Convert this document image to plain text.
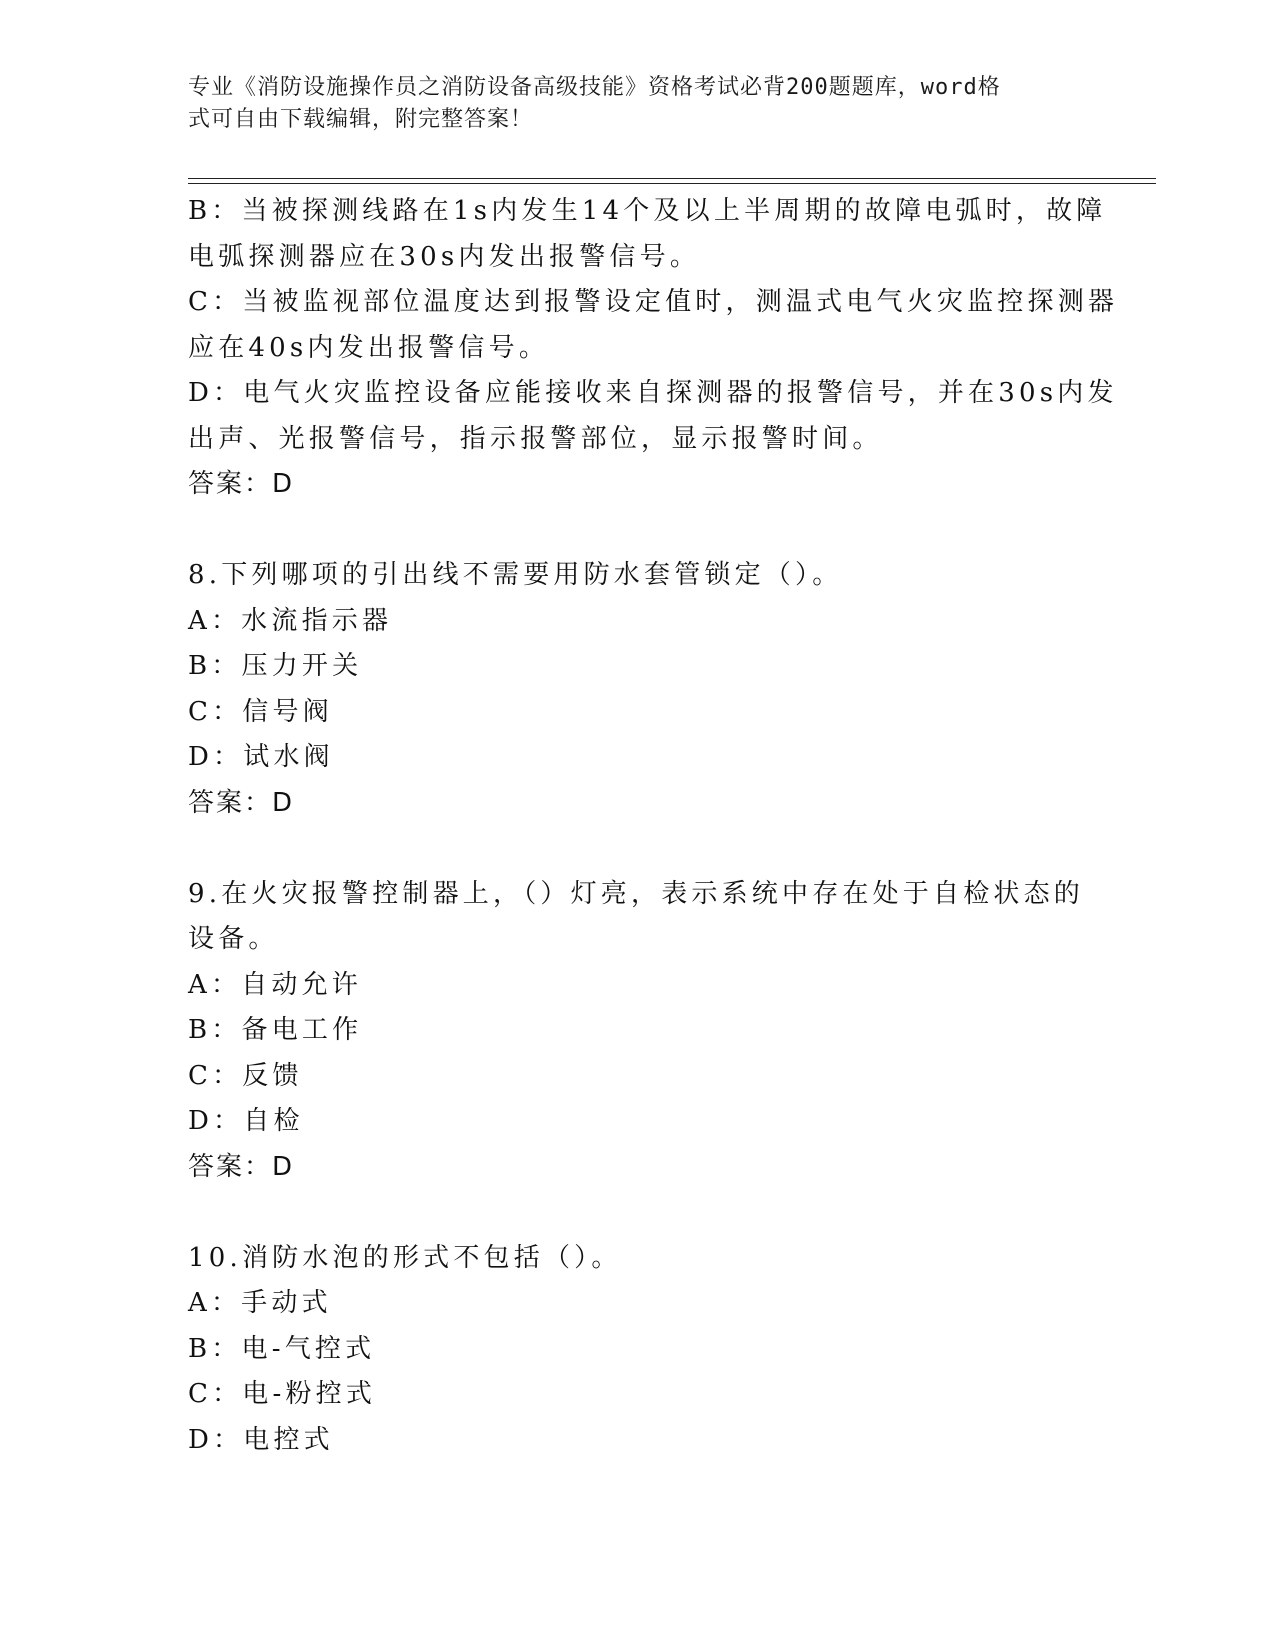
专业《消防设施操作员之消防设备高级技能》资格考试必背200题题库，word格
式可自由下载编辑，附完整答案！
B：当被探测线路在1s内发生14个及以上半周期的故障电弧时，故障
电弧探测器应在30s内发出报警信号。
C：当被监视部位温度达到报警设定值时，测温式电气火灾监控探测器
应在40s内发出报警信号。
D：电气火灾监控设备应能接收来自探测器的报警信号，并在30s内发
出声、光报警信号，指示报警部位，显示报警时间。
答案：D
8.下列哪项的引出线不需要用防水套管锁定（）。
A：水流指示器
B：压力开关
C：信号阀
D：试水阀
答案：D
9.在火灾报警控制器上，（）灯亮，表示系统中存在处于自检状态的
设备。
A：自动允许
B：备电工作
C：反馈
D：自检
答案：D
10.消防水泡的形式不包括（）。
A：手动式
B：电-气控式
C：电-粉控式
D：电控式
